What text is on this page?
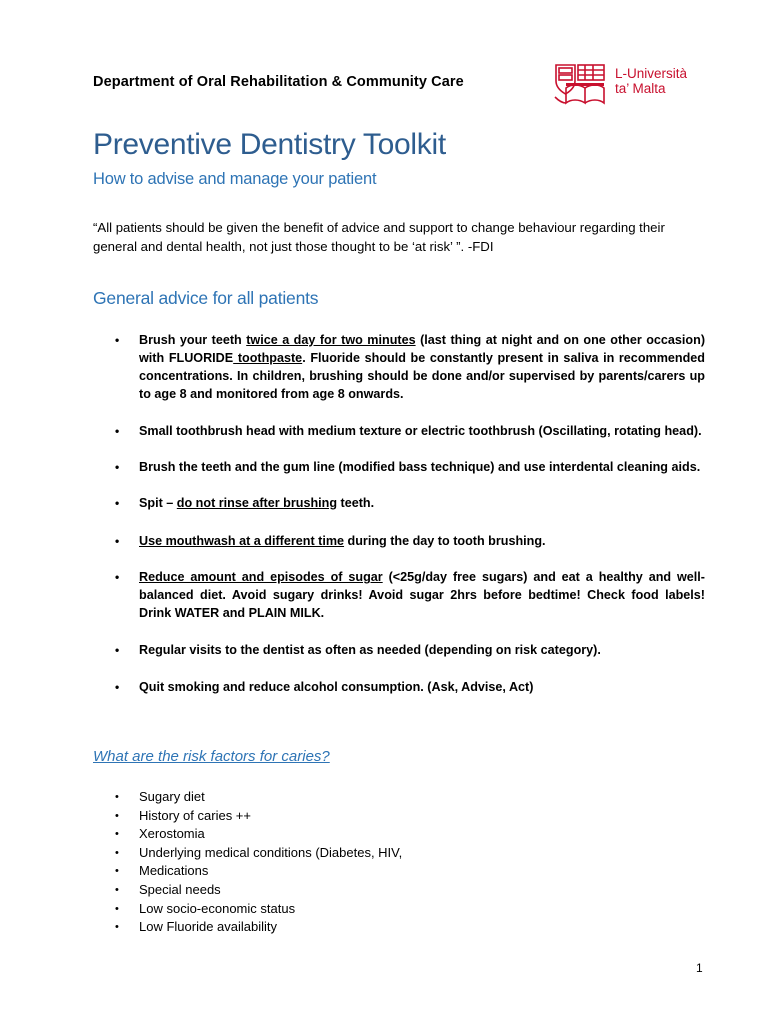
Department of Oral Rehabilitation & Community Care
L-Università
ta’ Malta
Preventive Dentistry Toolkit
How to advise and manage your patient
“All patients should be given the benefit of advice and support to change behaviour regarding their general and dental health, not just those thought to be ‘at risk’ ”. -FDI
General advice for all patients
• Brush your teeth twice a day for two minutes (last thing at night and on one other occasion) with FLUORIDE toothpaste. Fluoride should be constantly present in saliva in recommended concentrations. In children, brushing should be done and/or supervised by parents/carers up to age 8 and monitored from age 8 onwards.
• Small toothbrush head with medium texture or electric toothbrush (Oscillating, rotating head).
• Brush the teeth and the gum line (modified bass technique) and use interdental cleaning aids.
• Spit – do not rinse after brushing teeth.
• Use mouthwash at a different time during the day to tooth brushing.
• Reduce amount and episodes of sugar (<25g/day free sugars) and eat a healthy and well-balanced diet. Avoid sugary drinks! Avoid sugar 2hrs before bedtime! Check food labels! Drink WATER and PLAIN MILK.
• Regular visits to the dentist as often as needed (depending on risk category).
• Quit smoking and reduce alcohol consumption. (Ask, Advise, Act)
What are the risk factors for caries?
• Sugary diet
• History of caries ++
• Xerostomia
• Underlying medical conditions (Diabetes, HIV,
• Medications
• Special needs
• Low socio-economic status
• Low Fluoride availability
1
